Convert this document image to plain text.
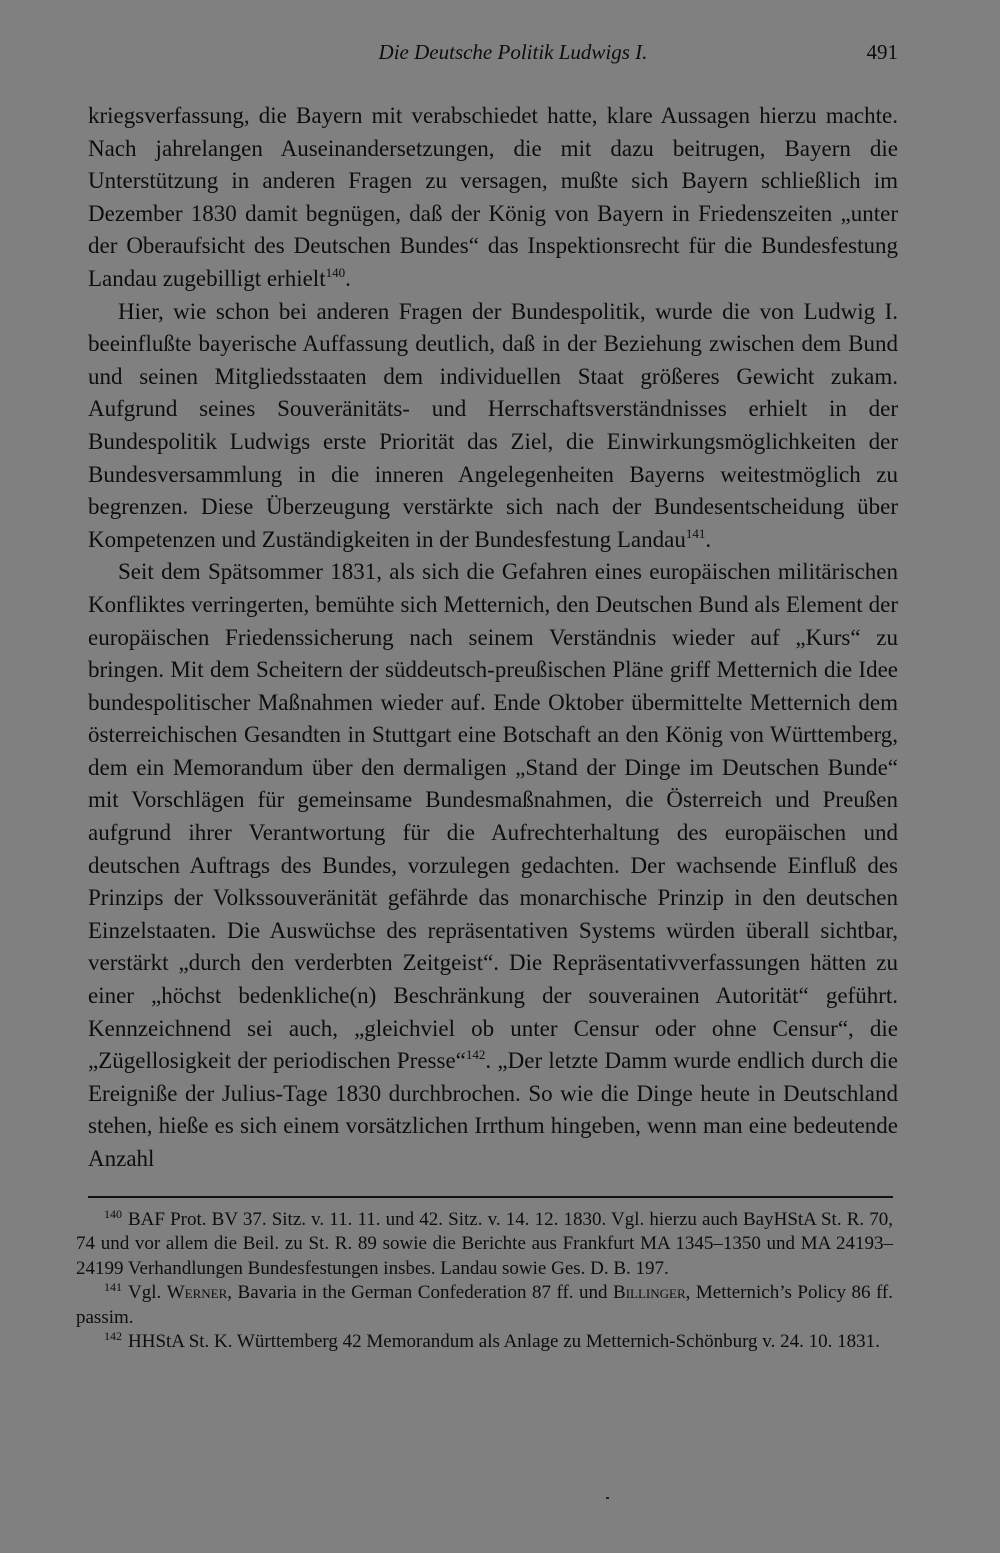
Die Deutsche Politik Ludwigs I.	491

kriegsverfassung, die Bayern mit verabschiedet hatte, klare Aussagen hierzu machte. Nach jahrelangen Auseinandersetzungen, die mit dazu beitrugen, Bayern die Unterstützung in anderen Fragen zu versagen, mußte sich Bayern schließlich im Dezember 1830 damit begnügen, daß der König von Bayern in Friedenszeiten „unter der Oberaufsicht des Deutschen Bundes“ das Inspektionsrecht für die Bundesfestung Landau zugebilligt erhielt$^{140}$.

Hier, wie schon bei anderen Fragen der Bundespolitik, wurde die von Ludwig I. beeinflußte bayerische Auffassung deutlich, daß in der Beziehung zwischen dem Bund und seinen Mitgliedsstaaten dem individuellen Staat größeres Gewicht zukam. Aufgrund seines Souveränitäts- und Herrschaftsverständnisses erhielt in der Bundespolitik Ludwigs erste Priorität das Ziel, die Einwirkungsmöglichkeiten der Bundesversammlung in die inneren Angelegenheiten Bayerns weitestmöglich zu begrenzen. Diese Überzeugung verstärkte sich nach der Bundesentscheidung über Kompetenzen und Zuständigkeiten in der Bundesfestung Landau$^{141}$.

Seit dem Spätsommer 1831, als sich die Gefahren eines europäischen militärischen Konfliktes verringerten, bemühte sich Metternich, den Deutschen Bund als Element der europäischen Friedenssicherung nach seinem Verständnis wieder auf „Kurs“ zu bringen. Mit dem Scheitern der süddeutsch-preußischen Pläne griff Metternich die Idee bundespolitischer Maßnahmen wieder auf. Ende Oktober übermittelte Metternich dem österreichischen Gesandten in Stuttgart eine Botschaft an den König von Württemberg, dem ein Memorandum über den dermaligen „Stand der Dinge im Deutschen Bunde“ mit Vorschlägen für gemeinsame Bundesmaßnahmen, die Österreich und Preußen aufgrund ihrer Verantwortung für die Aufrechterhaltung des europäischen und deutschen Auftrags des Bundes, vorzulegen gedachten. Der wachsende Einfluß des Prinzips der Volkssouveränität gefährde das monarchische Prinzip in den deutschen Einzelstaaten. Die Auswüchse des repräsentativen Systems würden überall sichtbar, verstärkt „durch den verderbten Zeitgeist“. Die Repräsentativverfassungen hätten zu einer „höchst bedenkliche(n) Beschränkung der souverainen Autorität“ geführt. Kennzeichnend sei auch, „gleichviel ob unter Censur oder ohne Censur“, die „Zügellosigkeit der periodischen Presse“$^{142}$. „Der letzte Damm wurde endlich durch die Ereigniße der Julius-Tage 1830 durchbrochen. So wie die Dinge heute in Deutschland stehen, hieße es sich einem vorsätzlichen Irrthum hingeben, wenn man eine bedeutende Anzahl

$^{140}$ BAF Prot. BV 37. Sitz. v. 11. 11. und 42. Sitz. v. 14. 12. 1830. Vgl. hierzu auch BayHStA St. R. 70, 74 und vor allem die Beil. zu St. R. 89 sowie die Berichte aus Frankfurt MA 1345–1350 und MA 24193–24199 Verhandlungen Bundesfestungen insbes. Landau sowie Ges. D. B. 197.

$^{141}$ Vgl. Werner, Bavaria in the German Confederation 87 ff. und Billinger, Metternich’s Policy 86 ff. passim.

$^{142}$ HHStA St. K. Württemberg 42 Memorandum als Anlage zu Metternich-Schönburg v. 24. 10. 1831.
